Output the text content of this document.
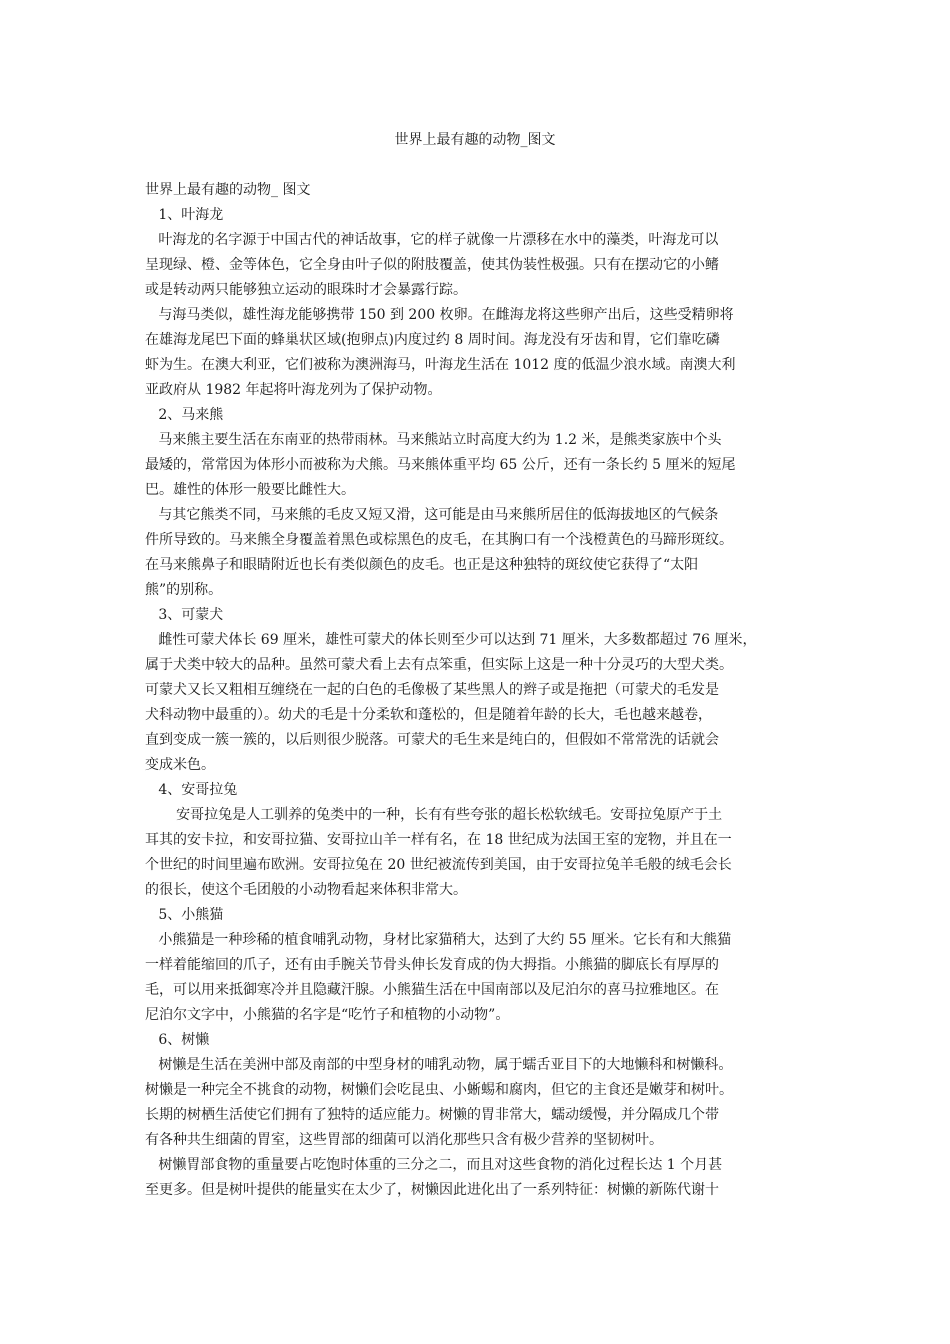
世界上最有趣的动物_图文

世界上最有趣的动物_ 图文

1、叶海龙

叶海龙的名字源于中国古代的神话故事，它的样子就像一片漂移在水中的藻类，叶海龙可以

呈现绿、橙、金等体色，它全身由叶子似的附肢覆盖，使其伪装性极强。只有在摆动它的小鳍

或是转动两只能够独立运动的眼珠时才会暴露行踪。

与海马类似，雄性海龙能够携带 150 到 200 枚卵。在雌海龙将这些卵产出后，这些受精卵将

在雄海龙尾巴下面的蜂巢状区域(抱卵点)内度过约 8 周时间。海龙没有牙齿和胃，它们靠吃磷

虾为生。在澳大利亚，它们被称为澳洲海马，叶海龙生活在 1012 度的低温少浪水域。南澳大利

亚政府从 1982 年起将叶海龙列为了保护动物。

2、马来熊

马来熊主要生活在东南亚的热带雨林。马来熊站立时高度大约为 1.2 米，是熊类家族中个头

最矮的，常常因为体形小而被称为犬熊。马来熊体重平均 65 公斤，还有一条长约 5 厘米的短尾

巴。雄性的体形一般要比雌性大。

与其它熊类不同，马来熊的毛皮又短又滑，这可能是由马来熊所居住的低海拔地区的气候条

件所导致的。马来熊全身覆盖着黑色或棕黑色的皮毛，在其胸口有一个浅橙黄色的马蹄形斑纹。

在马来熊鼻子和眼睛附近也长有类似颜色的皮毛。也正是这种独特的斑纹使它获得了“太阳

熊”的别称。

3、可蒙犬

雌性可蒙犬体长 69 厘米，雄性可蒙犬的体长则至少可以达到 71 厘米，大多数都超过 76 厘米，

属于犬类中较大的品种。虽然可蒙犬看上去有点笨重，但实际上这是一种十分灵巧的大型犬类。

可蒙犬又长又粗相互缠绕在一起的白色的毛像极了某些黑人的辫子或是拖把（可蒙犬的毛发是

犬科动物中最重的）。幼犬的毛是十分柔软和蓬松的，但是随着年龄的长大，毛也越来越卷，

直到变成一簇一簇的，以后则很少脱落。可蒙犬的毛生来是纯白的，但假如不常常洗的话就会

变成米色。

4、安哥拉兔

安哥拉兔是人工驯养的兔类中的一种，长有有些夸张的超长松软绒毛。安哥拉兔原产于土

耳其的安卡拉，和安哥拉猫、安哥拉山羊一样有名，在 18 世纪成为法国王室的宠物，并且在一

个世纪的时间里遍布欧洲。安哥拉兔在 20 世纪被流传到美国，由于安哥拉兔羊毛般的绒毛会长

的很长，使这个毛团般的小动物看起来体积非常大。

5、小熊猫

小熊猫是一种珍稀的植食哺乳动物，身材比家猫稍大，达到了大约 55 厘米。它长有和大熊猫

一样着能缩回的爪子，还有由手腕关节骨头伸长发育成的伪大拇指。小熊猫的脚底长有厚厚的

毛，可以用来抵御寒冷并且隐藏汗腺。小熊猫生活在中国南部以及尼泊尔的喜马拉雅地区。在

尼泊尔文字中，小熊猫的名字是“吃竹子和植物的小动物”。

6、树懒

树懒是生活在美洲中部及南部的中型身材的哺乳动物，属于蠕舌亚目下的大地懒科和树懒科。

树懒是一种完全不挑食的动物，树懒们会吃昆虫、小蜥蜴和腐肉，但它的主食还是嫩芽和树叶。

长期的树栖生活使它们拥有了独特的适应能力。树懒的胃非常大，蠕动缓慢，并分隔成几个带

有各种共生细菌的胃室，这些胃部的细菌可以消化那些只含有极少营养的坚韧树叶。

树懒胃部食物的重量要占吃饱时体重的三分之二，而且对这些食物的消化过程长达 1 个月甚

至更多。但是树叶提供的能量实在太少了，树懒因此进化出了一系列特征：树懒的新陈代谢十
